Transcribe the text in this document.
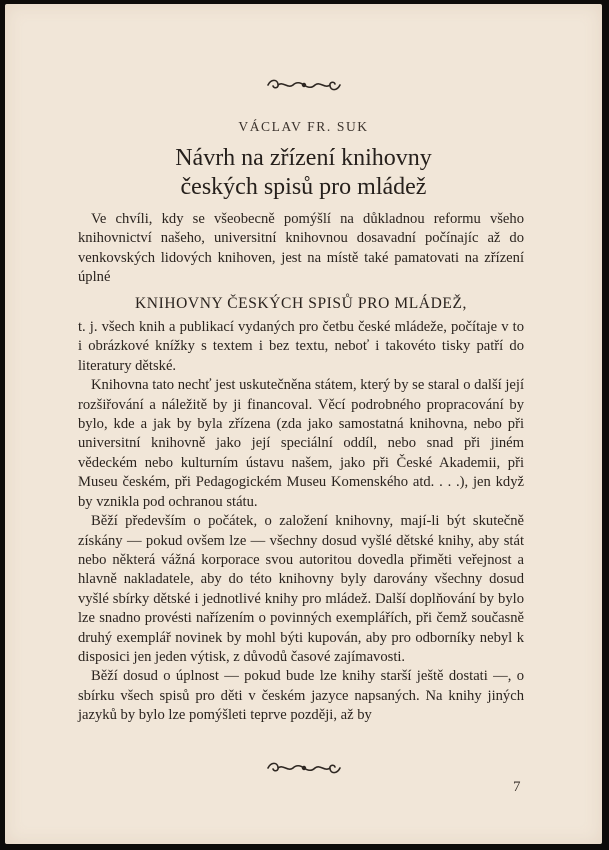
VÁCLAV FR. SUK
Návrh na zřízení knihovny
českých spisů pro mládež

Ve chvíli, kdy se všeobecně pomýšlí na důkladnou reformu všeho knihovnictví našeho, universitní knihovnou dosavadní počínajíc až do venkovských lidových knihoven, jest na místě také pamatovati na zřízení úplné

KNIHOVNY ČESKÝCH SPISŮ PRO MLÁDEŽ,

t. j. všech knih a publikací vydaných pro četbu české mládeže, počítaje v to i obrázkové knížky s textem i bez textu, neboť i takovéto tisky patří do literatury dětské.

Knihovna tato nechť jest uskutečněna státem, který by se staral o další její rozšiřování a náležitě by ji financoval. Věcí podrobného propracování by bylo, kde a jak by byla zřízena (zda jako samostatná knihovna, nebo při universitní knihovně jako její speciální oddíl, nebo snad při jiném vědeckém nebo kulturním ústavu našem, jako při České Akademii, při Museu českém, při Pedagogickém Museu Komenského atd. . . .), jen když by vznikla pod ochranou státu.

Běží především o počátek, o založení knihovny, mají-li být skutečně získány — pokud ovšem lze — všechny dosud vyšlé dětské knihy, aby stát nebo některá vážná korporace svou autoritou dovedla přiměti veřejnost a hlavně nakladatele, aby do této knihovny byly darovány všechny dosud vyšlé sbírky dětské i jednotlivé knihy pro mládež. Další doplňování by bylo lze snadno provésti nařízením o povinných exemplářích, při čemž současně druhý exemplář novinek by mohl býti kupován, aby pro odborníky nebyl k disposici jen jeden výtisk, z důvodů časové zajímavosti.

Běží dosud o úplnost — pokud bude lze knihy starší ještě dostati —, o sbírku všech spisů pro děti v českém jazyce napsaných. Na knihy jiných jazyků by bylo lze pomýšleti teprve později, až by

7
